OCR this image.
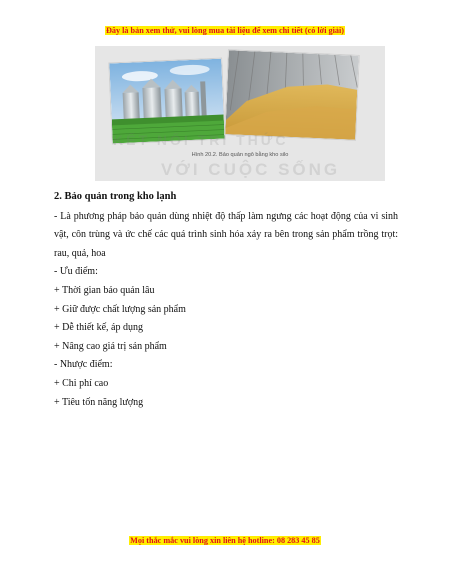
Đây là bản xem thử, vui lòng mua tài liệu để xem chi tiết (có lời giải)
KẾT NỐI TRI THỨC
VỚI CUỘC SỐNG
Hình 20.2. Bảo quản ngô bằng kho silo
2. Bảo quản trong kho lạnh
- Là phương pháp bảo quản dùng nhiệt độ thấp làm ngưng các hoạt động của vi sinh vật, côn trùng và ức chế các quá trình sinh hóa xảy ra bên trong sản phẩm trồng trọt: rau, quả, hoa
- Ưu điểm:
+ Thời gian bảo quản lâu
+ Giữ được chất lượng sản phẩm
+ Dễ thiết kế, áp dụng
+ Nâng cao giá trị sản phẩm
- Nhược điểm:
+ Chi phí cao
+ Tiêu tốn năng lượng
Mọi thắc mắc vui lòng xin liên hệ hotline: 08 283 45 85
